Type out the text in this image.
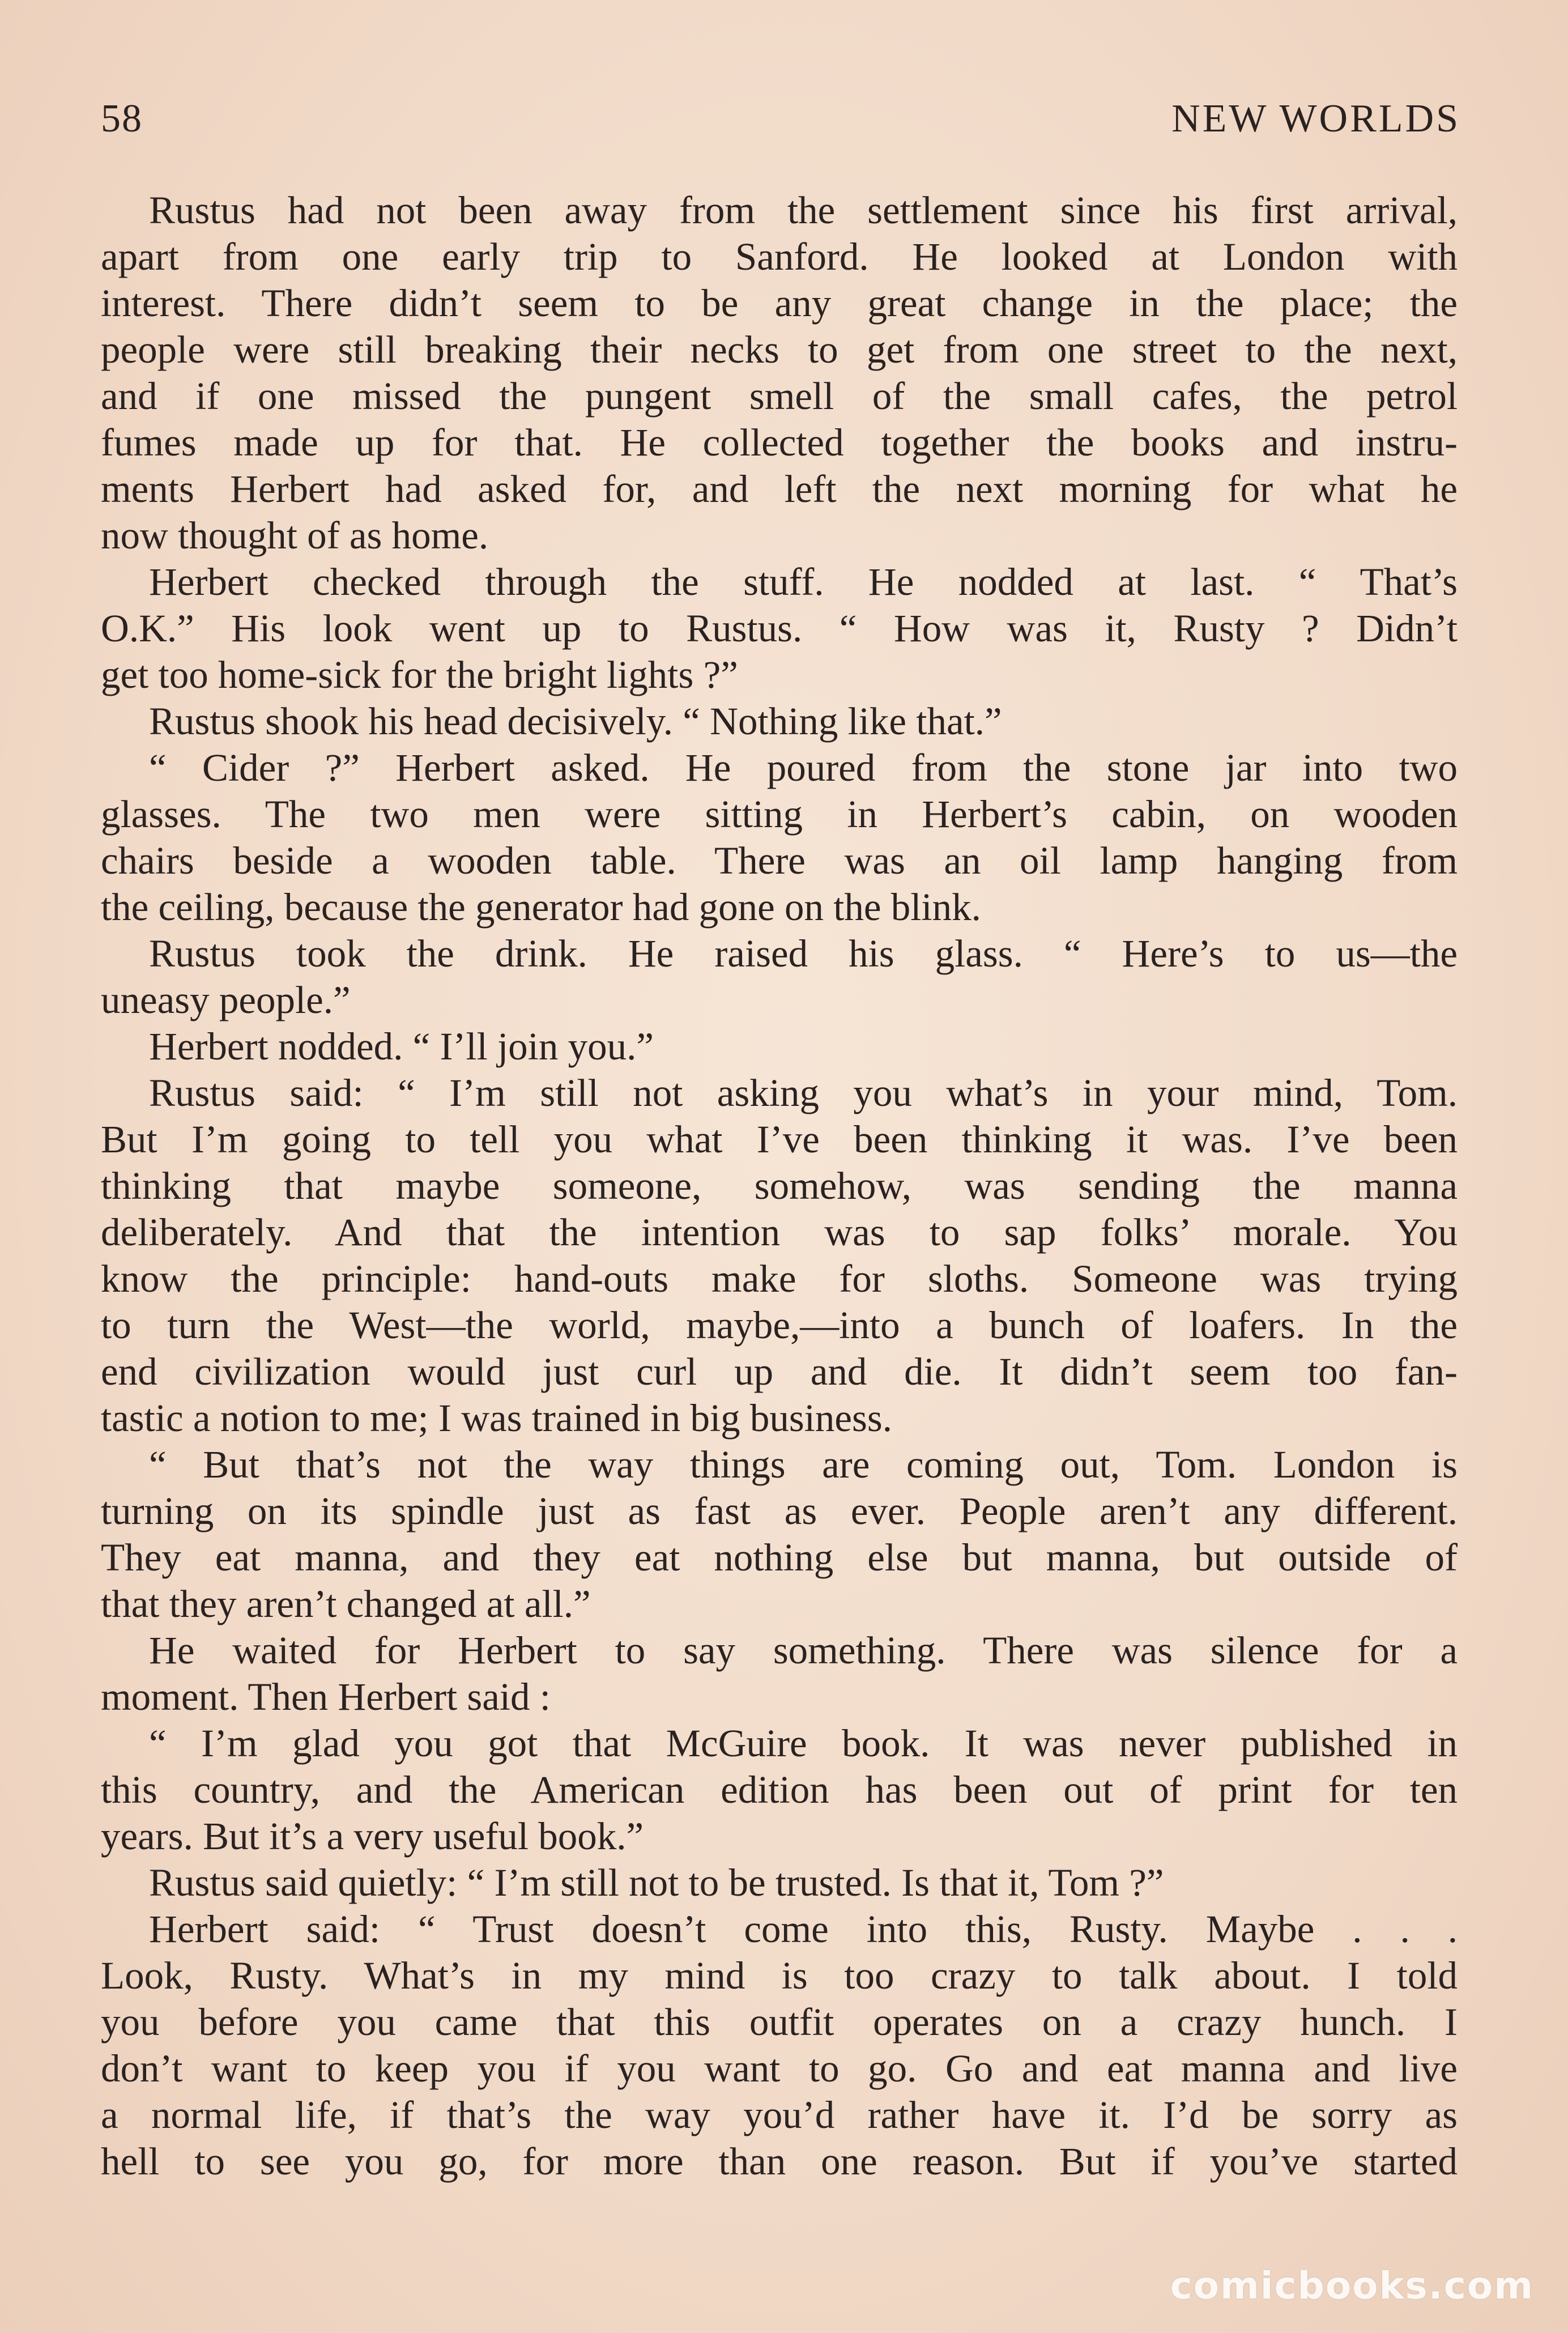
58	NEW WORLDS
Rustus had not been away from the settlement since his first arrival,
apart from one early trip to Sanford. He looked at London with
interest. There didn’t seem to be any great change in the place; the
people were still breaking their necks to get from one street to the next,
and if one missed the pungent smell of the small cafes, the petrol
fumes made up for that. He collected together the books and instru-
ments Herbert had asked for, and left the next morning for what he
now thought of as home.
Herbert checked through the stuff. He nodded at last. “ That’s
O.K.” His look went up to Rustus. “ How was it, Rusty ? Didn’t
get too home-sick for the bright lights ?”
Rustus shook his head decisively. “ Nothing like that.”
“ Cider ?” Herbert asked. He poured from the stone jar into two
glasses. The two men were sitting in Herbert’s cabin, on wooden
chairs beside a wooden table. There was an oil lamp hanging from
the ceiling, because the generator had gone on the blink.
Rustus took the drink. He raised his glass. “ Here’s to us—the
uneasy people.”
Herbert nodded. “ I’ll join you.”
Rustus said: “ I’m still not asking you what’s in your mind, Tom.
But I’m going to tell you what I’ve been thinking it was. I’ve been
thinking that maybe someone, somehow, was sending the manna
deliberately. And that the intention was to sap folks’ morale. You
know the principle: hand-outs make for sloths. Someone was trying
to turn the West—the world, maybe,—into a bunch of loafers. In the
end civilization would just curl up and die. It didn’t seem too fan-
tastic a notion to me; I was trained in big business.
“ But that’s not the way things are coming out, Tom. London is
turning on its spindle just as fast as ever. People aren’t any different.
They eat manna, and they eat nothing else but manna, but outside of
that they aren’t changed at all.”
He waited for Herbert to say something. There was silence for a
moment. Then Herbert said :
“ I’m glad you got that McGuire book. It was never published in
this country, and the American edition has been out of print for ten
years. But it’s a very useful book.”
Rustus said quietly: “ I’m still not to be trusted. Is that it, Tom ?”
Herbert said: “ Trust doesn’t come into this, Rusty. Maybe . . .
Look, Rusty. What’s in my mind is too crazy to talk about. I told
you before you came that this outfit operates on a crazy hunch. I
don’t want to keep you if you want to go. Go and eat manna and live
a normal life, if that’s the way you’d rather have it. I’d be sorry as
hell to see you go, for more than one reason. But if you’ve started
comicbooks.com
